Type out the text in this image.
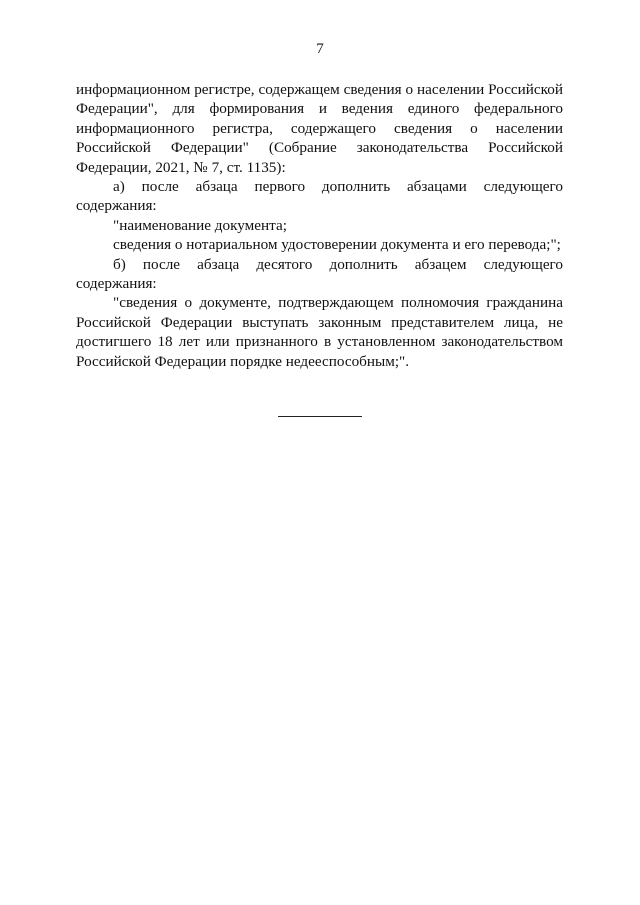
7

информационном регистре, содержащем сведения о населении Российской Федерации", для формирования и ведения единого федерального информационного регистра, содержащего сведения о населении Российской Федерации" (Собрание законодательства Российской Федерации, 2021, № 7, ст. 1135):

а) после абзаца первого дополнить абзацами следующего содержания:

"наименование документа;

сведения о нотариальном удостоверении документа и его перевода;";

б) после абзаца десятого дополнить абзацем следующего содержания:

"сведения о документе, подтверждающем полномочия гражданина Российской Федерации выступать законным представителем лица, не достигшего 18 лет или признанного в установленном законодательством Российской Федерации порядке недееспособным;".
